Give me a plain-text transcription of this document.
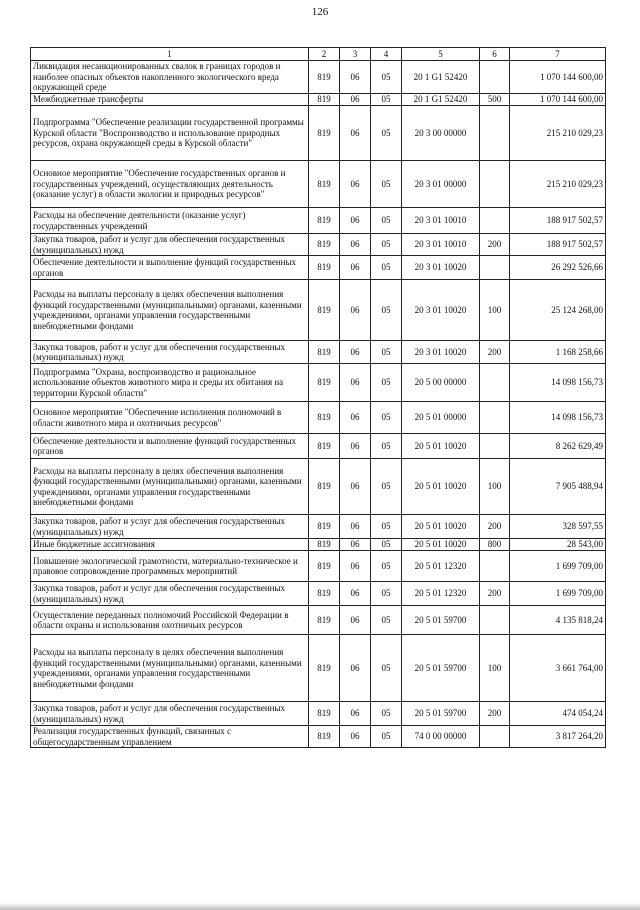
126
1	2	3	4	5	6	7
Ликвидация несанкционированных свалок в границах городов и наиболее опасных объектов накопленного экологического вреда окружающей среде	819	06	05	20 1 G1 52420		1 070 144 600,00
Межбюджетные трансферты	819	06	05	20 1 G1 52420	500	1 070 144 600,00
Подпрограмма "Обеспечение реализации государственной программы Курской области "Воспроизводство и использование природных ресурсов, охрана окружающей среды в Курской области"	819	06	05	20 3 00 00000		215 210 029,23
Основное мероприятие "Обеспечение государственных органов и государственных учреждений, осуществляющих деятельность (оказание услуг) в области экологии и природных ресурсов"	819	06	05	20 3 01 00000		215 210 029,23
Расходы на обеспечение деятельности (оказание услуг) государственных учреждений	819	06	05	20 3 01 10010		188 917 502,57
Закупка товаров, работ и услуг для обеспечения государственных (муниципальных) нужд	819	06	05	20 3 01 10010	200	188 917 502,57
Обеспечение деятельности и выполнение функций государственных органов	819	06	05	20 3 01 10020		26 292 526,66
Расходы на выплаты персоналу в целях обеспечения выполнения функций государственными (муниципальными) органами, казенными учреждениями, органами управления государственными внебюджетными фондами	819	06	05	20 3 01 10020	100	25 124 268,00
Закупка товаров, работ и услуг для обеспечения государственных (муниципальных) нужд	819	06	05	20 3 01 10020	200	1 168 258,66
Подпрограмма "Охрана, воспроизводство и рациональное использование объектов животного мира и среды их обитания на территории Курской области"	819	06	05	20 5 00 00000		14 098 156,73
Основное мероприятие "Обеспечение исполнения полномочий в области животного мира и охотничьих ресурсов"	819	06	05	20 5 01 00000		14 098 156,73
Обеспечение деятельности и выполнение функций государственных органов	819	06	05	20 5 01 10020		8 262 629,49
Расходы на выплаты персоналу в целях обеспечения выполнения функций государственными (муниципальными) органами, казенными учреждениями, органами управления государственными внебюджетными фондами	819	06	05	20 5 01 10020	100	7 905 488,94
Закупка товаров, работ и услуг для обеспечения государственных (муниципальных) нужд	819	06	05	20 5 01 10020	200	328 597,55
Иные бюджетные ассигнования	819	06	05	20 5 01 10020	800	28 543,00
Повышение экологической грамотности, материально-техническое и правовое сопровождение программных мероприятий	819	06	05	20 5 01 12320		1 699 709,00
Закупка товаров, работ и услуг для обеспечения государственных (муниципальных) нужд	819	06	05	20 5 01 12320	200	1 699 709,00
Осуществление переданных полномочий Российской Федерации в области охраны и использования охотничьих ресурсов	819	06	05	20 5 01 59700		4 135 818,24
Расходы на выплаты персоналу в целях обеспечения выполнения функций государственными (муниципальными) органами, казенными учреждениями, органами управления государственными внебюджетными фондами	819	06	05	20 5 01 59700	100	3 661 764,00
Закупка товаров, работ и услуг для обеспечения государственных (муниципальных) нужд	819	06	05	20 5 01 59700	200	474 054,24
Реализация государственных функций, связанных с общегосударственным управлением	819	06	05	74 0 00 00000		3 817 264,20
